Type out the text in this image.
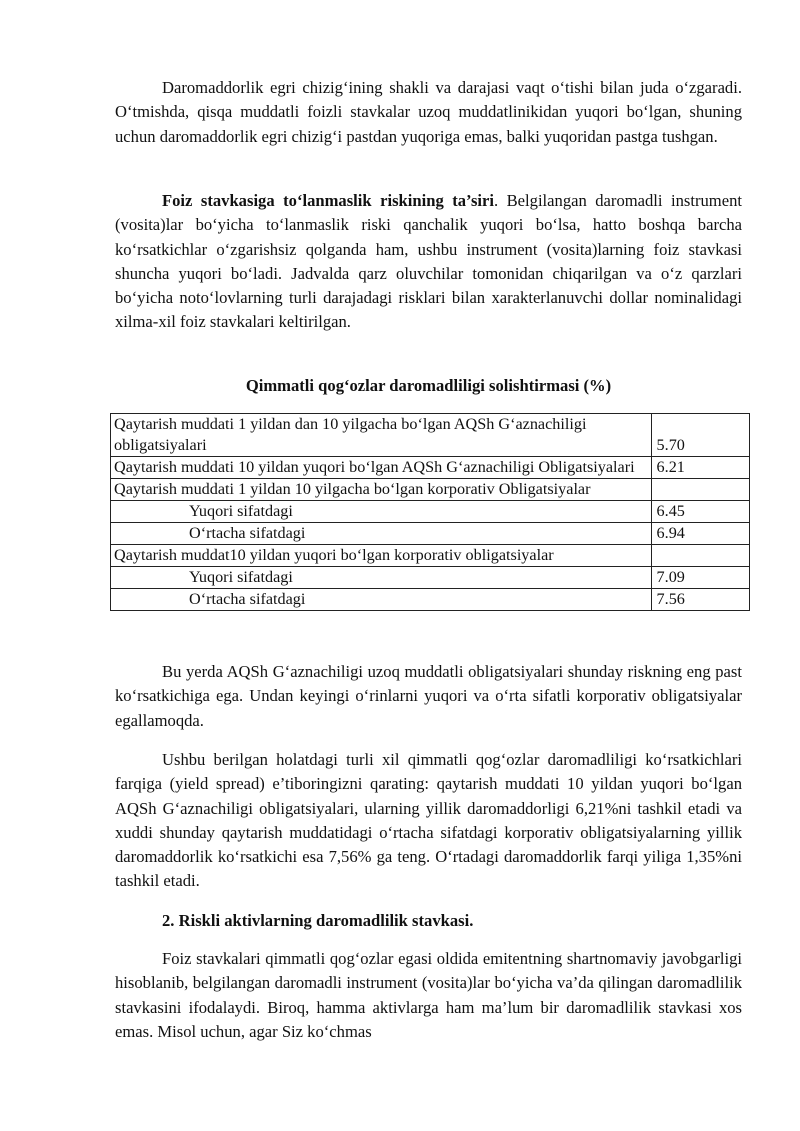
Daromaddorlik egri chizig‘ining shakli va darajasi vaqt o‘tishi bilan juda o‘zgaradi. O‘tmishda, qisqa muddatli foizli stavkalar uzoq muddatlinikidan yuqori bo‘lgan, shuning uchun daromaddorlik egri chizig‘i pastdan yuqoriga emas, balki yuqoridan pastga tushgan.

Foiz stavkasiga to‘lanmaslik riskining ta’siri. Belgilangan daromadli instrument (vosita)lar bo‘yicha to‘lanmaslik riski qanchalik yuqori bo‘lsa, hatto boshqa barcha ko‘rsatkichlar o‘zgarishsiz qolganda ham, ushbu instrument (vosita)larning foiz stavkasi shuncha yuqori bo‘ladi. Jadvalda qarz oluvchilar tomonidan chiqarilgan va o‘z qarzlari bo‘yicha noto‘lovlarning turli darajadagi risklari bilan xarakterlanuvchi dollar nominalidagi xilma-xil foiz stavkalari keltirilgan.

Qimmatli qog‘ozlar daromadliligi solishtirmasi (%)

Qaytarish muddati 1 yildan dan 10 yilgacha bo‘lgan AQSh G‘aznachiligi obligatsiyalari	5.70
Qaytarish muddati 10 yildan yuqori bo‘lgan AQSh G‘aznachiligi Obligatsiyalari	6.21
Qaytarish muddati 1 yildan 10 yilgacha bo‘lgan korporativ Obligatsiyalar	
Yuqori sifatdagi	6.45
O‘rtacha sifatdagi	6.94
Qaytarish muddat10 yildan yuqori bo‘lgan korporativ obligatsiyalar	
Yuqori sifatdagi	7.09
O‘rtacha sifatdagi	7.56

Bu yerda AQSh G‘aznachiligi uzoq muddatli obligatsiyalari shunday riskning eng past ko‘rsatkichiga ega. Undan keyingi o‘rinlarni yuqori va o‘rta sifatli korporativ obligatsiyalar egallamoqda.

Ushbu berilgan holatdagi turli xil qimmatli qog‘ozlar daromadliligi ko‘rsatkichlari farqiga (yield spread) e’tiboringizni qarating: qaytarish muddati 10 yildan yuqori bo‘lgan AQSh G‘aznachiligi obligatsiyalari, ularning yillik daromaddorligi 6,21%ni tashkil etadi va xuddi shunday qaytarish muddatidagi o‘rtacha sifatdagi korporativ obligatsiyalarning yillik daromaddorlik ko‘rsatkichi esa 7,56% ga teng. O‘rtadagi daromaddorlik farqi yiliga 1,35%ni tashkil etadi.

2. Riskli aktivlarning daromadlilik stavkasi.

Foiz stavkalari qimmatli qog‘ozlar egasi oldida emitentning shartnomaviy javobgarligi hisoblanib, belgilangan daromadli instrument (vosita)lar bo‘yicha va’da qilingan daromadlilik stavkasini ifodalaydi. Biroq, hamma aktivlarga ham ma’lum bir daromadlilik stavkasi xos emas. Misol uchun, agar Siz ko‘chmas
